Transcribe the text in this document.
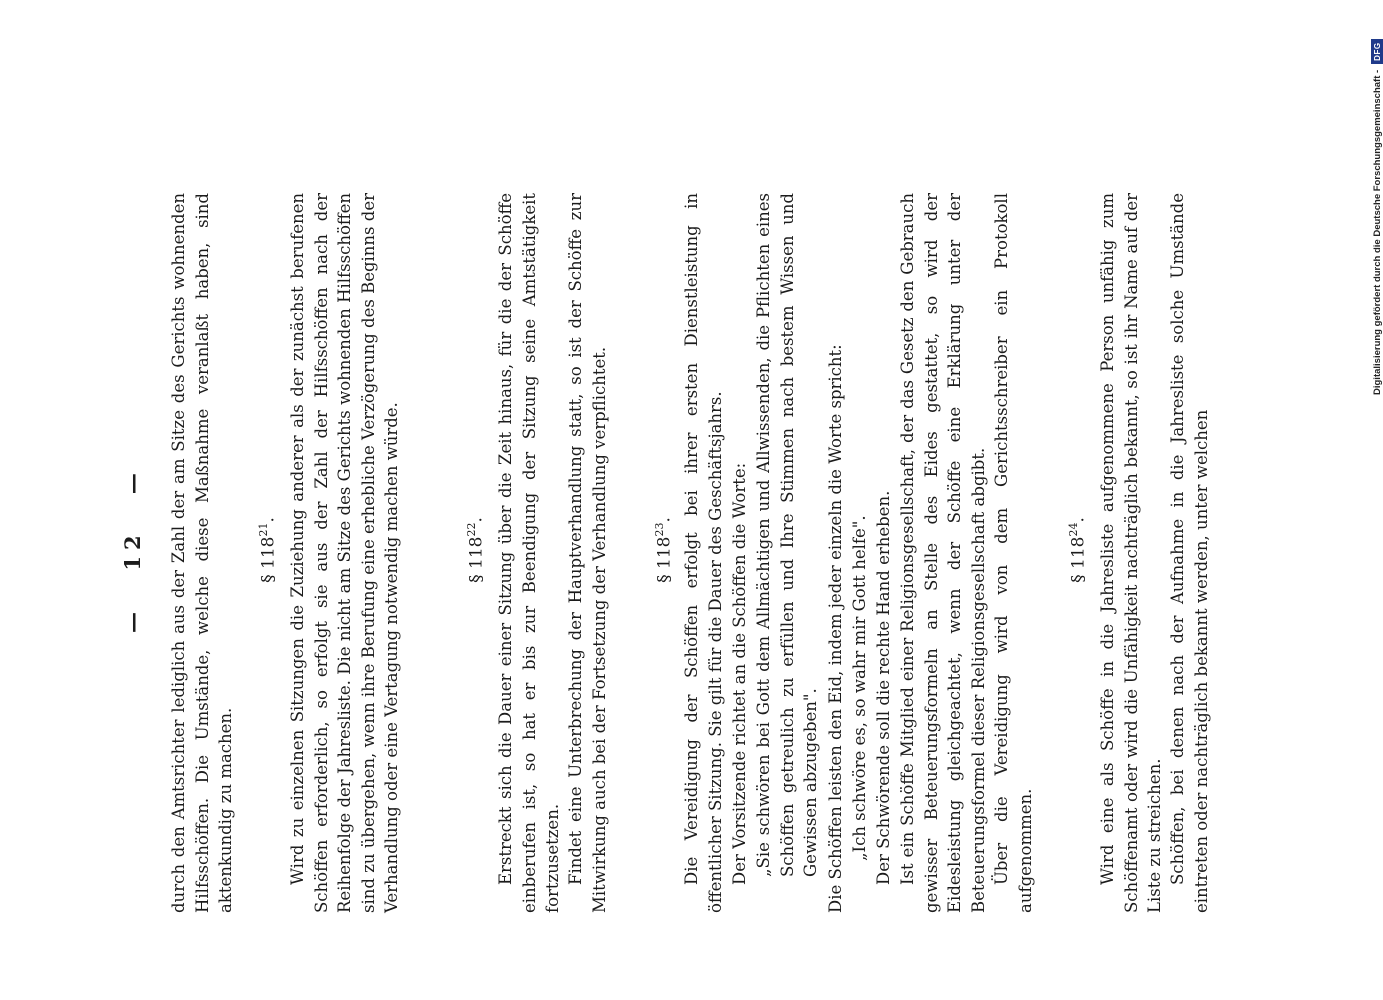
— 12 — durch den Amtsrichter lediglich aus der Zahl der am Sitze des Gerichts wohnenden Hilfsschöffen. Die Umstände, welche diese Maßnahme veranlaßt haben, sind aktenkundig zu machen.
§ $118^{21}$. Wird zu einzelnen Sitzungen die Zuziehung anderer als der zunächst berufenen Schöffen erforderlich, so erfolgt sie aus der Zahl der Hilfsschöffen nach der Reihenfolge der Jahresliste. Die nicht am Sitze des Gerichts wohnenden Hilfsschöffen sind zu übergehen, wenn ihre Berufung eine erhebliche Verzögerung des Beginns der Verhandlung oder eine Vertagung notwendig machen würde.	§ $118^{22}$. Erstreckt sich die Dauer einer Sitzung über die Zeit hinaus, für die der Schöffe einberufen ist, so hat er bis zur Beendigung der Sitzung seine Amtstätigkeit fortzusetzen. Findet eine Unterbrechung der Hauptverhandlung statt, so ist der Schöffe zur Mitwirkung auch bei der Fortsetzung der Verhandlung verpflichtet.	§ $118^{23}$. Die Vereidigung der Schöffen erfolgt bei ihrer ersten Dienstleistung in öffentlicher Sitzung. Sie gilt für die Dauer des Geschäftsjahrs. Der Vorsitzende richtet an die Schöffen die Worte: „Sie schwören bei Gott dem Allmächtigen und Allwissenden, die Pflichten eines Schöffen getreulich zu erfüllen und Ihre Stimmen nach bestem Wissen und Gewissen abzugeben". Die Schöffen leisten den Eid, indem jeder einzeln die Worte spricht: „Ich schwöre es, so wahr mir Gott helfe". Der Schwörende soll die rechte Hand erheben. Ist ein Schöffe Mitglied einer Religionsgesellschaft, der das Gesetz den Gebrauch gewisser Beteuerungsformeln an Stelle des Eides gestattet, so wird der Eidesleistung gleichgeachtet, wenn der Schöffe eine Erklärung unter der Beteuerungsformel dieser Religionsgesellschaft abgibt. Über die Vereidigung wird von dem Gerichtsschreiber ein Protokoll aufgenommen.
§ $118^{24}$. Wird eine als Schöffe in die Jahresliste aufgenommene Person unfähig zum Schöffenamt oder wird die Unfähigkeit nachträglich bekannt, so ist ihr Name auf der Liste zu streichen. Schöffen, bei denen nach der Aufnahme in die Jahresliste solche Umstände eintreten oder nachträglich bekannt werden, unter welchen
Digitalisierung gefördert durch die Deutsche Forschungsgemeinschaft -
DFG
